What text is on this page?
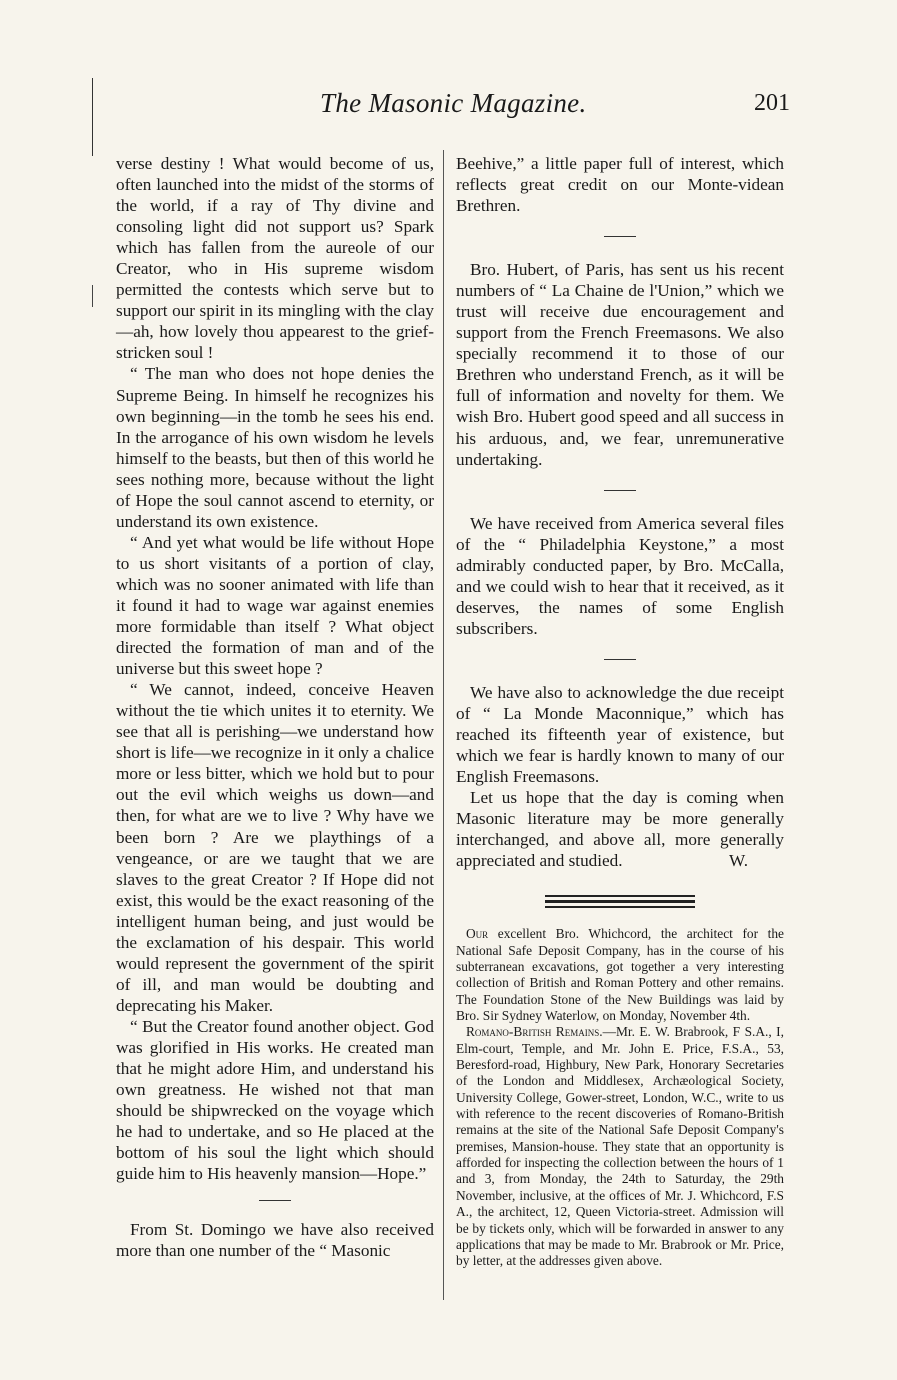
The Masonic Magazine.	201

verse destiny ! What would become of us, often launched into the midst of the storms of the world, if a ray of Thy divine and consoling light did not support us? Spark which has fallen from the aureole of our Creator, who in His supreme wisdom permitted the contests which serve but to support our spirit in its mingling with the clay—ah, how lovely thou appearest to the grief-stricken soul !

“ The man who does not hope denies the Supreme Being. In himself he recognizes his own beginning—in the tomb he sees his end. In the arrogance of his own wisdom he levels himself to the beasts, but then of this world he sees nothing more, because without the light of Hope the soul cannot ascend to eternity, or understand its own existence.

“ And yet what would be life without Hope to us short visitants of a portion of clay, which was no sooner animated with life than it found it had to wage war against enemies more formidable than itself ? What object directed the formation of man and of the universe but this sweet hope ?

“ We cannot, indeed, conceive Heaven without the tie which unites it to eternity. We see that all is perishing—we understand how short is life—we recognize in it only a chalice more or less bitter, which we hold but to pour out the evil which weighs us down—and then, for what are we to live ? Why have we been born ? Are we playthings of a vengeance, or are we taught that we are slaves to the great Creator ? If Hope did not exist, this would be the exact reasoning of the intelligent human being, and just would be the exclamation of his despair. This world would represent the government of the spirit of ill, and man would be doubting and deprecating his Maker.

“ But the Creator found another object. God was glorified in His works. He created man that he might adore Him, and understand his own greatness. He wished not that man should be shipwrecked on the voyage which he had to undertake, and so He placed at the bottom of his soul the light which should guide him to His heavenly mansion—Hope.”

From St. Domingo we have also received more than one number of the “ Masonic

Beehive,” a little paper full of interest, which reflects great credit on our Monte-videan Brethren.

Bro. Hubert, of Paris, has sent us his recent numbers of “ La Chaine de l'Union,” which we trust will receive due encouragement and support from the French Freemasons. We also specially recommend it to those of our Brethren who understand French, as it will be full of information and novelty for them. We wish Bro. Hubert good speed and all success in his arduous, and, we fear, unremunerative undertaking.

We have received from America several files of the “ Philadelphia Keystone,” a most admirably conducted paper, by Bro. McCalla, and we could wish to hear that it received, as it deserves, the names of some English subscribers.

We have also to acknowledge the due receipt of “ La Monde Maconnique,” which has reached its fifteenth year of existence, but which we fear is hardly known to many of our English Freemasons.

Let us hope that the day is coming when Masonic literature may be more generally interchanged, and above all, more generally appreciated and studied.	W.

Our excellent Bro. Whichcord, the architect for the National Safe Deposit Company, has in the course of his subterranean excavations, got together a very interesting collection of British and Roman Pottery and other remains. The Foundation Stone of the New Buildings was laid by Bro. Sir Sydney Waterlow, on Monday, November 4th.

Romano-British Remains.—Mr. E. W. Brabrook, F S.A., I, Elm-court, Temple, and Mr. John E. Price, F.S.A., 53, Beresford-road, Highbury, New Park, Honorary Secretaries of the London and Middlesex, Archæological Society, University College, Gower-street, London, W.C., write to us with reference to the recent discoveries of Romano-British remains at the site of the National Safe Deposit Company's premises, Mansion-house. They state that an opportunity is afforded for inspecting the collection between the hours of 1 and 3, from Monday, the 24th to Saturday, the 29th November, inclusive, at the offices of Mr. J. Whichcord, F.S A., the architect, 12, Queen Victoria-street. Admission will be by tickets only, which will be forwarded in answer to any applications that may be made to Mr. Brabrook or Mr. Price, by letter, at the addresses given above.
